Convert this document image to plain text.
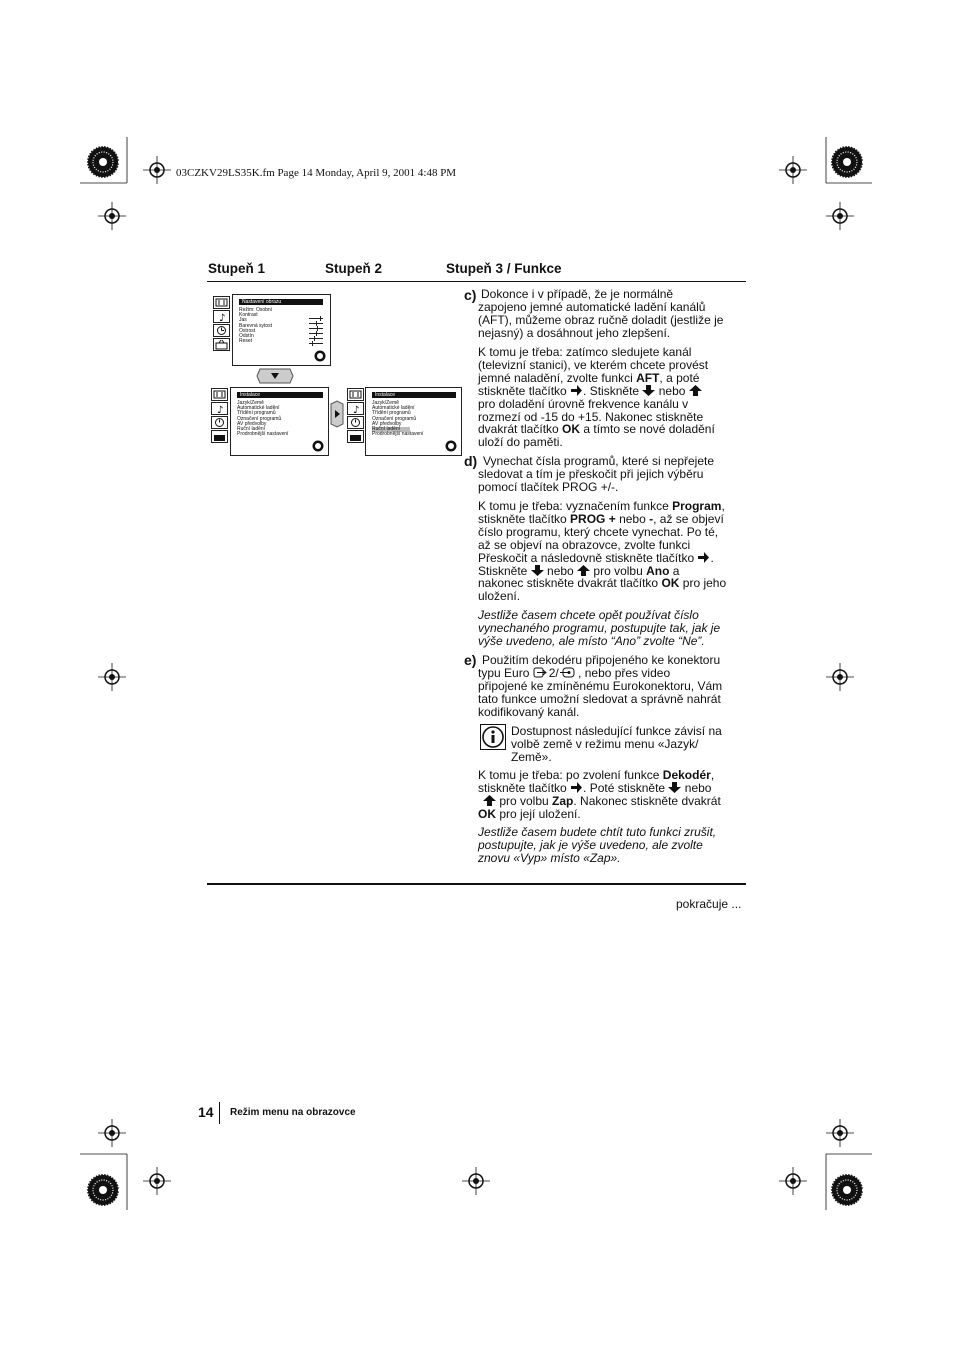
03CZKV29LS35K.fm Page 14 Monday, April 9, 2001 4:48 PM
Stupeň 1	Stupeň 2	Stupeň 3 / Funkce
♪
Nastavení obrazu
Režim: Osobní
Kontrast
Jas
Barevná sytost
Ostrost
Odstín
Reset
♪
Instalace
Jazyk/Země
Automatické ladění
Třídění programů
Označení programů
AV předvolby
Ruční ladění
Prodrobnější nastavení
♪
Instalace
Jazyk/Země
Automatické ladění
Třídění programů
Označení programů
AV předvolby
Ruční ladění
Prodrobnější nastavení
c) Dokonce i v případě, že je normálně

zapojeno jemné automatické ladění kanálů

(AFT), můžeme obraz ručně doladit (jestliže je

nejasný) a dosáhnout jeho zlepšení.

K tomu je třeba: zatímco sledujete kanál

(televizní stanici), ve kterém chcete provést

jemné naladění, zvolte funkci AFT, a poté

stiskněte tlačítko . Stiskněte  nebo

pro doladění úrovně frekvence kanálu v

rozmezí od -15 do +15. Nakonec stiskněte

dvakrát tlačítko OK a tímto se nové doladění

uloží do paměti.

d) Vynechat čísla programů, které si nepřejete

sledovat a tím je přeskočit při jejich výběru

pomocí tlačítek PROG +/-.

K tomu je třeba: vyznačením funkce Program,

stiskněte tlačítko PROG + nebo -, až se objeví

číslo programu, který chcete vynechat. Po té,

až se objeví na obrazovce, zvolte funkci

Přeskočit a následovně stiskněte tlačítko .

Stiskněte  nebo  pro volbu Ano a

nakonec stiskněte dvakrát tlačítko OK pro jeho

uložení.

Jestliže časem chcete opět používat číslo

vynechaného programu, postupujte tak, jak je

výše uvedeno, ale místo “Ano” zvolte “Ne”.

e) Použitím dekodéru připojeného ke konektoru

typu Euro 2/ , nebo přes video

připojené ke zmíněnému Eurokonektoru, Vám

tato funkce umožní sledovat a správně nahrát

kodifikovaný kanál.

Dostupnost následující funkce závisí na

volbě země v režimu menu «Jazyk/

Země».

K tomu je třeba: po zvolení funkce Dekodér,

stiskněte tlačítko . Poté stiskněte  nebo

pro volbu Zap. Nakonec stiskněte dvakrát

OK pro její uložení.

Jestliže časem budete chtít tuto funkci zrušit,

postupujte, jak je výše uvedeno, ale zvolte

znovu «Vyp» místo «Zap».

pokračuje ...
14 Režim menu na obrazovce
